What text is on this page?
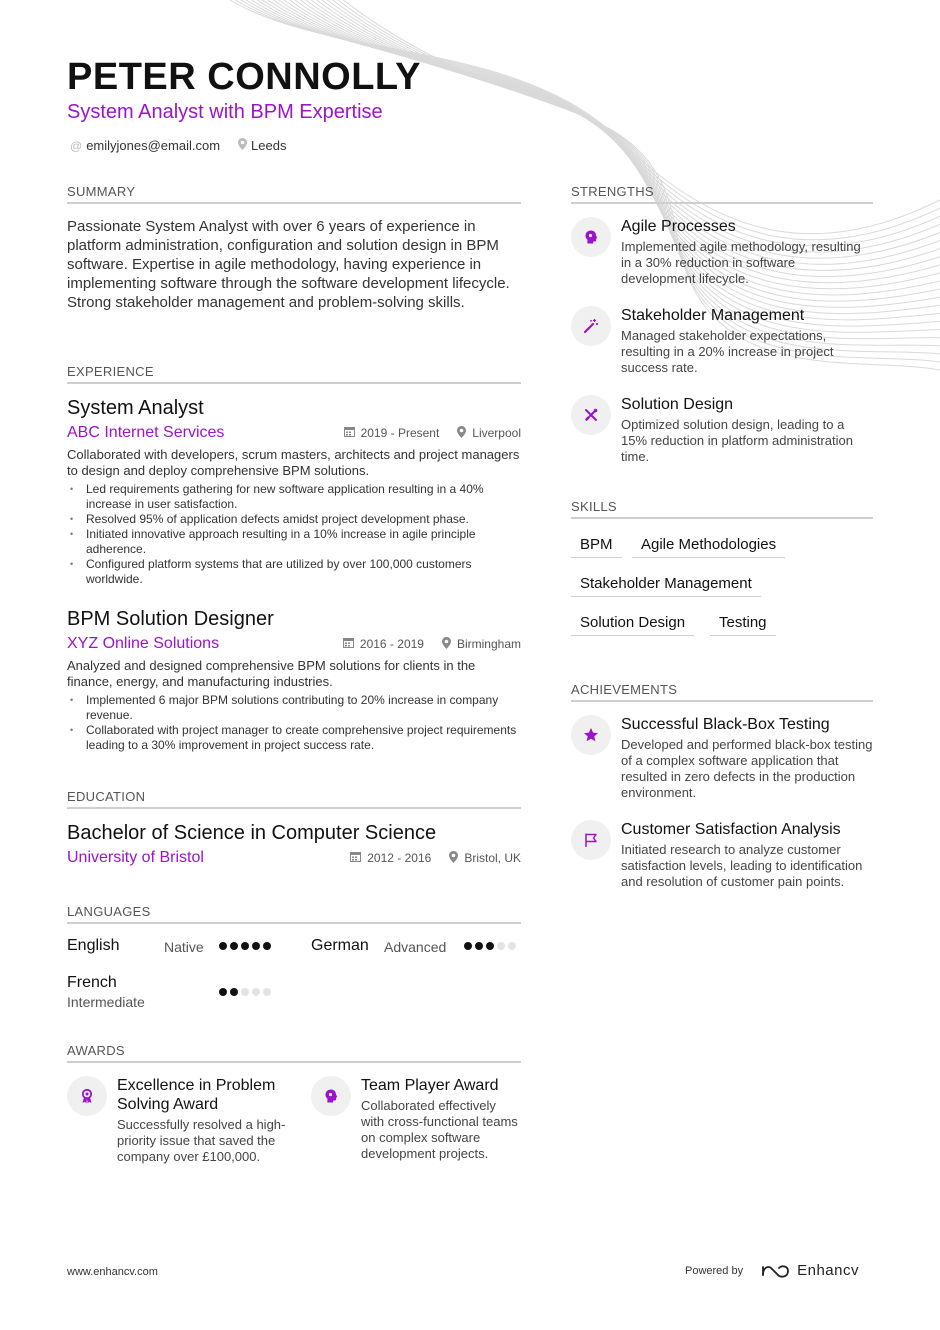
PETER CONNOLLY
System Analyst with BPM Expertise
@ emilyjones@email.com Leeds
SUMMARY
Passionate System Analyst with over 6 years of experience in platform administration, configuration and solution design in BPM software. Expertise in agile methodology, having experience in implementing software through the software development lifecycle. Strong stakeholder management and problem-solving skills.
EXPERIENCE
System Analyst
ABC Internet Services	2019 - Present	Liverpool
Collaborated with developers, scrum masters, architects and project managers to design and deploy comprehensive BPM solutions.
• Led requirements gathering for new software application resulting in a 40% increase in user satisfaction.
• Resolved 95% of application defects amidst project development phase.
• Initiated innovative approach resulting in a 10% increase in agile principle adherence.
• Configured platform systems that are utilized by over 100,000 customers worldwide.
BPM Solution Designer
XYZ Online Solutions	2016 - 2019	Birmingham
Analyzed and designed comprehensive BPM solutions for clients in the finance, energy, and manufacturing industries.
• Implemented 6 major BPM solutions contributing to 20% increase in company revenue.
• Collaborated with project manager to create comprehensive project requirements leading to a 30% improvement in project success rate.
EDUCATION
Bachelor of Science in Computer Science
University of Bristol	2012 - 2016	Bristol, UK
LANGUAGES
English	Native	German Advanced
French
Intermediate
AWARDS
Excellence in Problem Solving Award
Successfully resolved a high-priority issue that saved the company over £100,000.
Team Player Award
Collaborated effectively with cross-functional teams on complex software development projects.
STRENGTHS
Agile Processes
Implemented agile methodology, resulting in a 30% reduction in software development lifecycle.
Stakeholder Management
Managed stakeholder expectations, resulting in a 20% increase in project success rate.
Solution Design
Optimized solution design, leading to a 15% reduction in platform administration time.
SKILLS
BPM	Agile Methodologies
Stakeholder Management
Solution Design	Testing
ACHIEVEMENTS
Successful Black-Box Testing
Developed and performed black-box testing of a complex software application that resulted in zero defects in the production environment.
Customer Satisfaction Analysis
Initiated research to analyze customer satisfaction levels, leading to identification and resolution of customer pain points.
www.enhancv.com	Powered by	Enhancv
